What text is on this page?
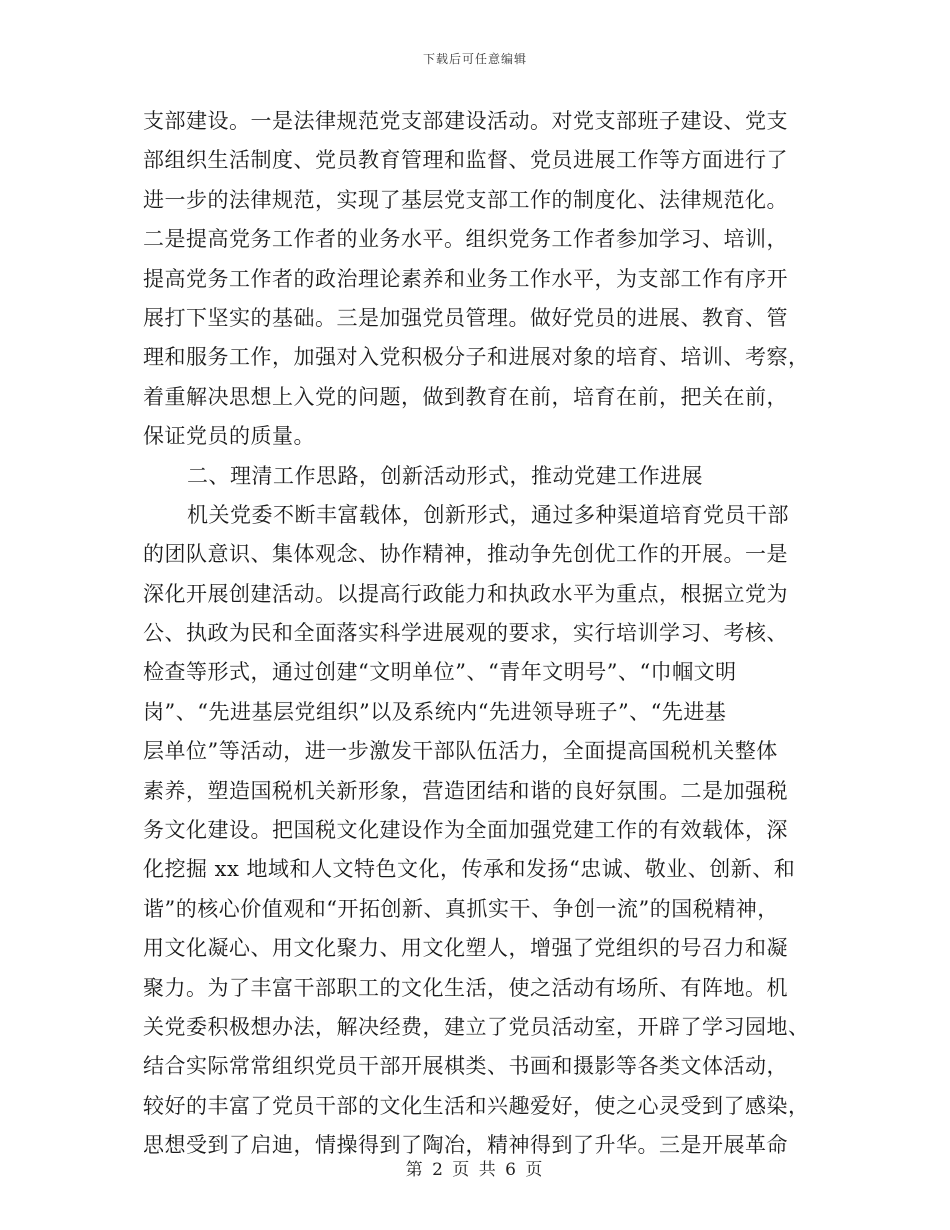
下载后可任意编辑
支部建设。一是法律规范党支部建设活动。对党支部班子建设、党支
部组织生活制度、党员教育管理和监督、党员进展工作等方面进行了
进一步的法律规范，实现了基层党支部工作的制度化、法律规范化。
二是提高党务工作者的业务水平。组织党务工作者参加学习、培训，
提高党务工作者的政治理论素养和业务工作水平，为支部工作有序开
展打下坚实的基础。三是加强党员管理。做好党员的进展、教育、管
理和服务工作，加强对入党积极分子和进展对象的培育、培训、考察，
着重解决思想上入党的问题，做到教育在前，培育在前，把关在前，
保证党员的质量。
二、理清工作思路，创新活动形式，推动党建工作进展
机关党委不断丰富载体，创新形式，通过多种渠道培育党员干部
的团队意识、集体观念、协作精神，推动争先创优工作的开展。一是
深化开展创建活动。以提高行政能力和执政水平为重点，根据立党为
公、执政为民和全面落实科学进展观的要求，实行培训学习、考核、
检查等形式，通过创建“文明单位”、“青年文明号”、“巾帼文明
岗”、“先进基层党组织”以及系统内“先进领导班子”、“先进基
层单位”等活动，进一步激发干部队伍活力，全面提高国税机关整体
素养，塑造国税机关新形象，营造团结和谐的良好氛围。二是加强税
务文化建设。把国税文化建设作为全面加强党建工作的有效载体，深
化挖掘 xx 地域和人文特色文化，传承和发扬“忠诚、敬业、创新、和
谐”的核心价值观和“开拓创新、真抓实干、争创一流”的国税精神，
用文化凝心、用文化聚力、用文化塑人，增强了党组织的号召力和凝
聚力。为了丰富干部职工的文化生活，使之活动有场所、有阵地。机
关党委积极想办法，解决经费，建立了党员活动室，开辟了学习园地、
结合实际常常组织党员干部开展棋类、书画和摄影等各类文体活动，
较好的丰富了党员干部的文化生活和兴趣爱好，使之心灵受到了感染，
思想受到了启迪，情操得到了陶冶，精神得到了升华。三是开展革命
第 2 页 共 6 页
